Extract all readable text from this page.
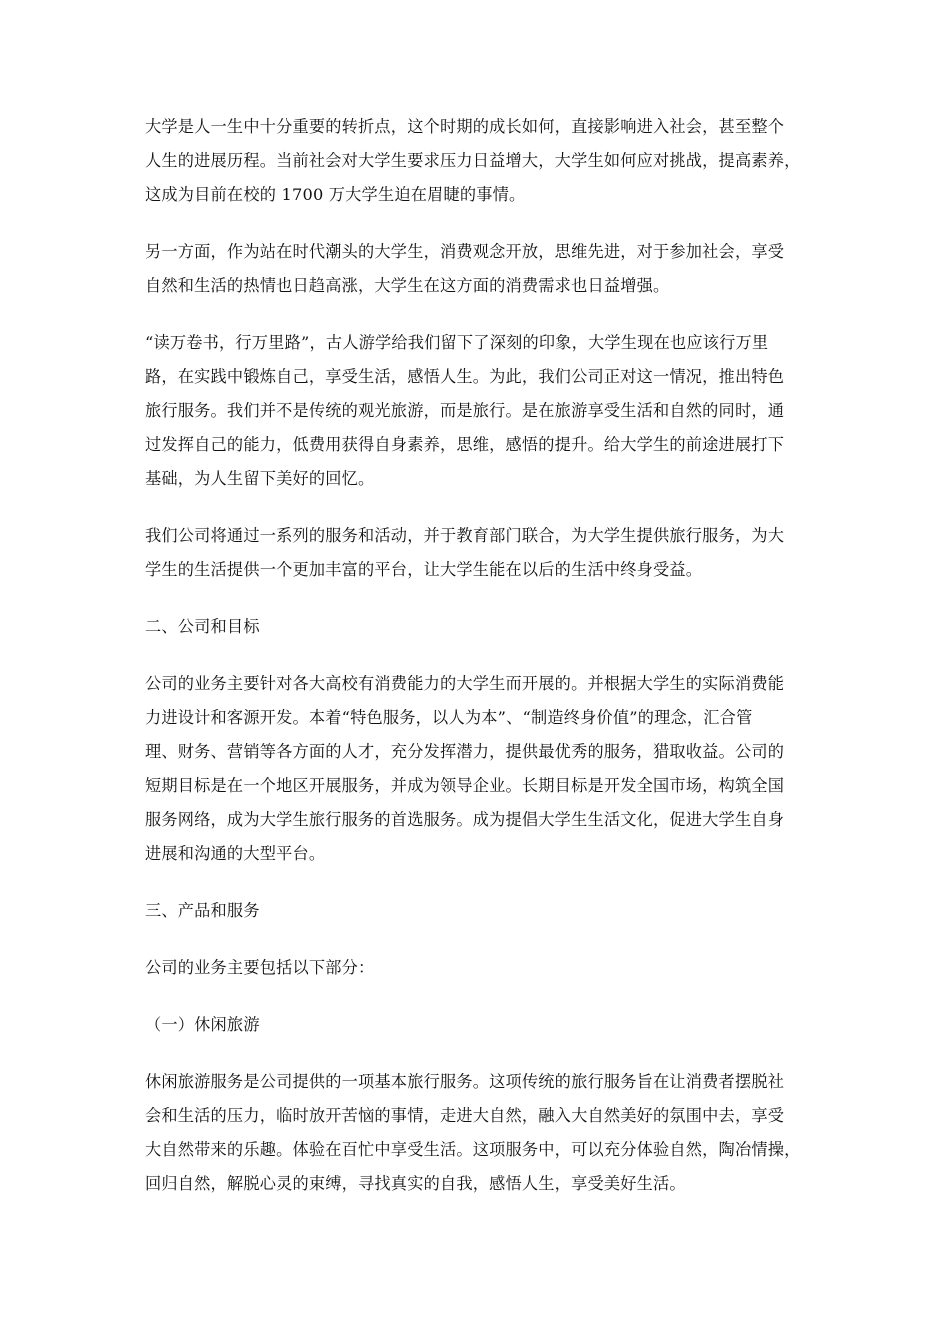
大学是人一生中十分重要的转折点，这个时期的成长如何，直接影响进入社会，甚至整个
人生的进展历程。当前社会对大学生要求压力日益增大，大学生如何应对挑战，提高素养，
这成为目前在校的 1700 万大学生迫在眉睫的事情。

另一方面，作为站在时代潮头的大学生，消费观念开放，思维先进，对于参加社会，享受
自然和生活的热情也日趋高涨，大学生在这方面的消费需求也日益增强。

“读万卷书，行万里路”，古人游学给我们留下了深刻的印象，大学生现在也应该行万里
路，在实践中锻炼自己，享受生活，感悟人生。为此，我们公司正对这一情况，推出特色
旅行服务。我们并不是传统的观光旅游，而是旅行。是在旅游享受生活和自然的同时，通
过发挥自己的能力，低费用获得自身素养，思维，感悟的提升。给大学生的前途进展打下
基础，为人生留下美好的回忆。

我们公司将通过一系列的服务和活动，并于教育部门联合，为大学生提供旅行服务，为大
学生的生活提供一个更加丰富的平台，让大学生能在以后的生活中终身受益。

二、公司和目标

公司的业务主要针对各大高校有消费能力的大学生而开展的。并根据大学生的实际消费能
力进设计和客源开发。本着“特色服务，以人为本”、“制造终身价值”的理念，汇合管
理、财务、营销等各方面的人才，充分发挥潜力，提供最优秀的服务，猎取收益。公司的
短期目标是在一个地区开展服务，并成为领导企业。长期目标是开发全国市场，构筑全国
服务网络，成为大学生旅行服务的首选服务。成为提倡大学生生活文化，促进大学生自身
进展和沟通的大型平台。

三、产品和服务

公司的业务主要包括以下部分：

（一）休闲旅游

休闲旅游服务是公司提供的一项基本旅行服务。这项传统的旅行服务旨在让消费者摆脱社
会和生活的压力，临时放开苦恼的事情，走进大自然，融入大自然美好的氛围中去，享受
大自然带来的乐趣。体验在百忙中享受生活。这项服务中，可以充分体验自然，陶冶情操，
回归自然，解脱心灵的束缚，寻找真实的自我，感悟人生，享受美好生活。
